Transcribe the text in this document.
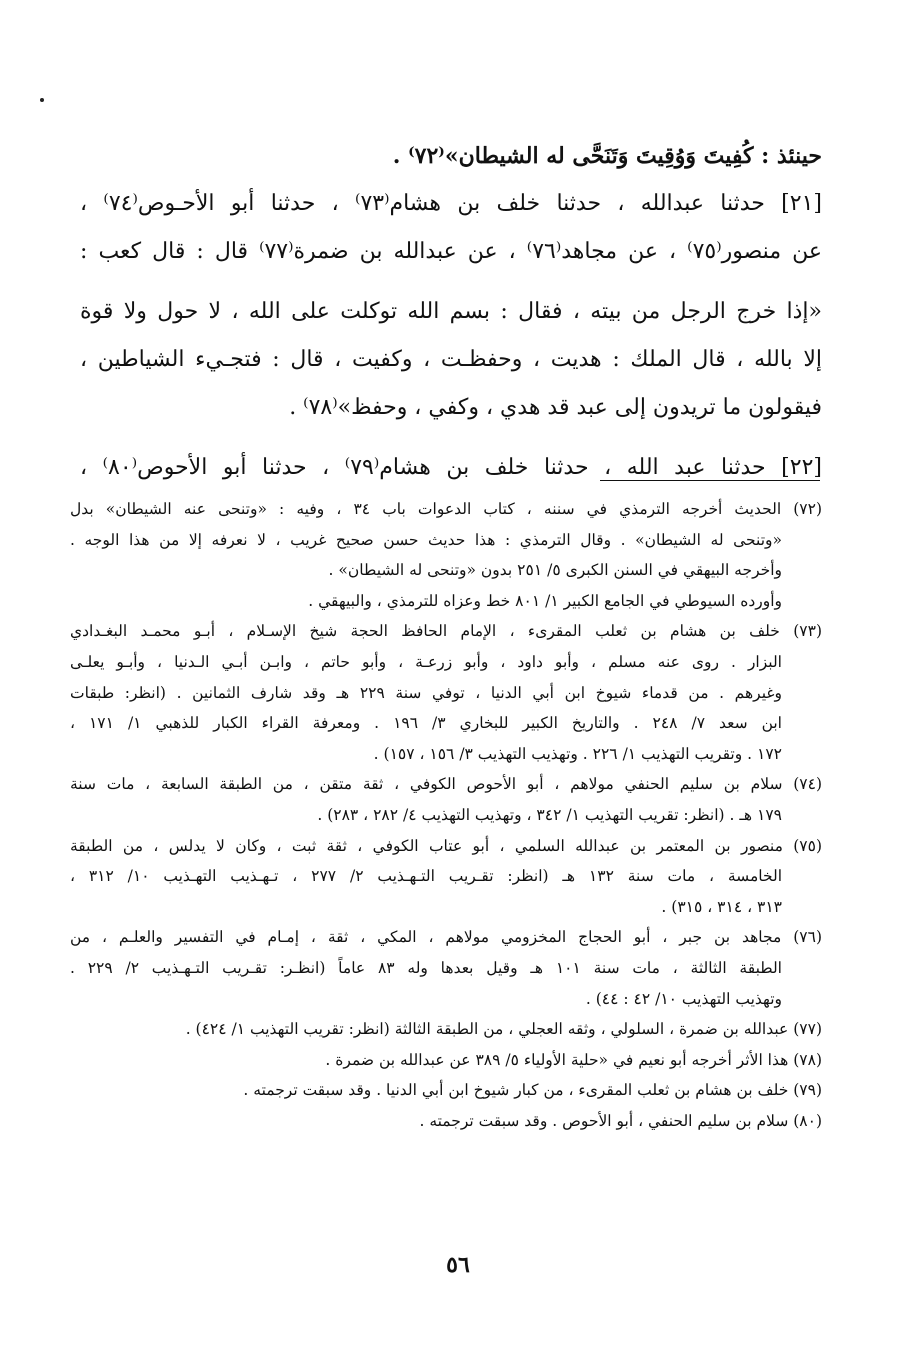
حينئذ : كُفِيتَ وَوُقِيتَ وَتَنَحَّى له الشيطان»⁽٧٢⁾ .
[٢١] حدثنا عبدالله ، حدثنا خلف بن هشام⁽٧٣⁾ ، حدثنا أبو الأحـوص⁽٧٤⁾ ،
عن منصور⁽٧٥⁾ ، عن مجاهد⁽٧٦⁾ ، عن عبدالله بن ضمرة⁽٧٧⁾ قال : قال كعب :
«إذا خرج الرجل من بيته ، فقال : بسم الله توكلت على الله ، لا حول ولا قوة
إلا بالله ، قال الملك : هديت ، وحفظـت ، وكفيت ، قال : فتجـيء الشياطين ،
فيقولون ما تريدون إلى عبد قد هدي ، وكفي ، وحفظ»⁽٧٨⁾ .
[٢٢] حدثنا عبد الله ، حدثنا خلف بن هشام⁽٧٩⁾ ، حدثنا أبو الأحوص⁽٨٠⁾ ،
(٧٢) الحديث أخرجه الترمذي في سننه ، كتاب الدعوات باب ٣٤ ، وفيه : «وتنحى عنه الشيطان» بدل
«وتنحى له الشيطان» . وقال الترمذي : هذا حديث حسن صحيح غريب ، لا نعرفه إلا من هذا الوجه .
وأخرجه البيهقي في السنن الكبرى ٥/ ٢٥١ بدون «وتنحى له الشيطان» .
وأورده السيوطي في الجامع الكبير ١/ ٨٠١ خط وعزاه للترمذي ، والبيهقي .
(٧٣) خلف بن هشام بن ثعلب المقرىء ، الإمام الحافظ الحجة شيخ الإسـلام ، أبـو محمـد البغـدادي
البزار . روى عنه مسلم ، وأبو داود ، وأبو زرعـة ، وأبو حاتم ، وابـن أبـي الـدنيا ، وأبـو يعلـى
وغيرهم . من قدماء شيوخ ابن أبي الدنيا ، توفي سنة ٢٢٩ هـ وقد شارف الثمانين . (انظر: طبقات
ابن سعد ٧/ ٢٤٨ . والتاريخ الكبير للبخاري ٣/ ١٩٦ . ومعرفة القراء الكبار للذهبي ١/ ١٧١ ،
١٧٢ . وتقريب التهذيب ١/ ٢٢٦ . وتهذيب التهذيب ٣/ ١٥٦ ، ١٥٧) .
(٧٤) سلام بن سليم الحنفي مولاهم ، أبو الأحوص الكوفي ، ثقة متقن ، من الطبقة السابعة ، مات سنة
١٧٩ هـ . (انظر: تقريب التهذيب ١/ ٣٤٢ ، وتهذيب التهذيب ٤/ ٢٨٢ ، ٢٨٣) .
(٧٥) منصور بن المعتمر بن عبدالله السلمي ، أبو عتاب الكوفي ، ثقة ثبت ، وكان لا يدلس ، من الطبقة
الخامسة ، مات سنة ١٣٢ هـ (انظر: تقـريب التـهـذيب ٢/ ٢٧٧ ، تـهـذيب التهـذيب ١٠/ ٣١٢ ،
٣١٣ ، ٣١٤ ، ٣١٥) .
(٧٦) مجاهد بن جبر ، أبو الحجاج المخزومي مولاهم ، المكي ، ثقة ، إمـام في التفسير والعلـم ، من
الطبقة الثالثة ، مات سنة ١٠١ هـ وقيل بعدها وله ٨٣ عاماً (انظـر: تقـريب التـهـذيب ٢/ ٢٢٩ .
وتهذيب التهذيب ١٠/ ٤٢ : ٤٤) .
(٧٧) عبدالله بن ضمرة ، السلولي ، وثقه العجلي ، من الطبقة الثالثة (انظر: تقريب التهذيب ١/ ٤٢٤) .
(٧٨) هذا الأثر أخرجه أبو نعيم في «حلية الأولياء ٥/ ٣٨٩ عن عبدالله بن ضمرة .
(٧٩) خلف بن هشام بن ثعلب المقرىء ، من كبار شيوخ ابن أبي الدنيا . وقد سبقت ترجمته .
(٨٠) سلام بن سليم الحنفي ، أبو الأحوص . وقد سبقت ترجمته .
٥٦
